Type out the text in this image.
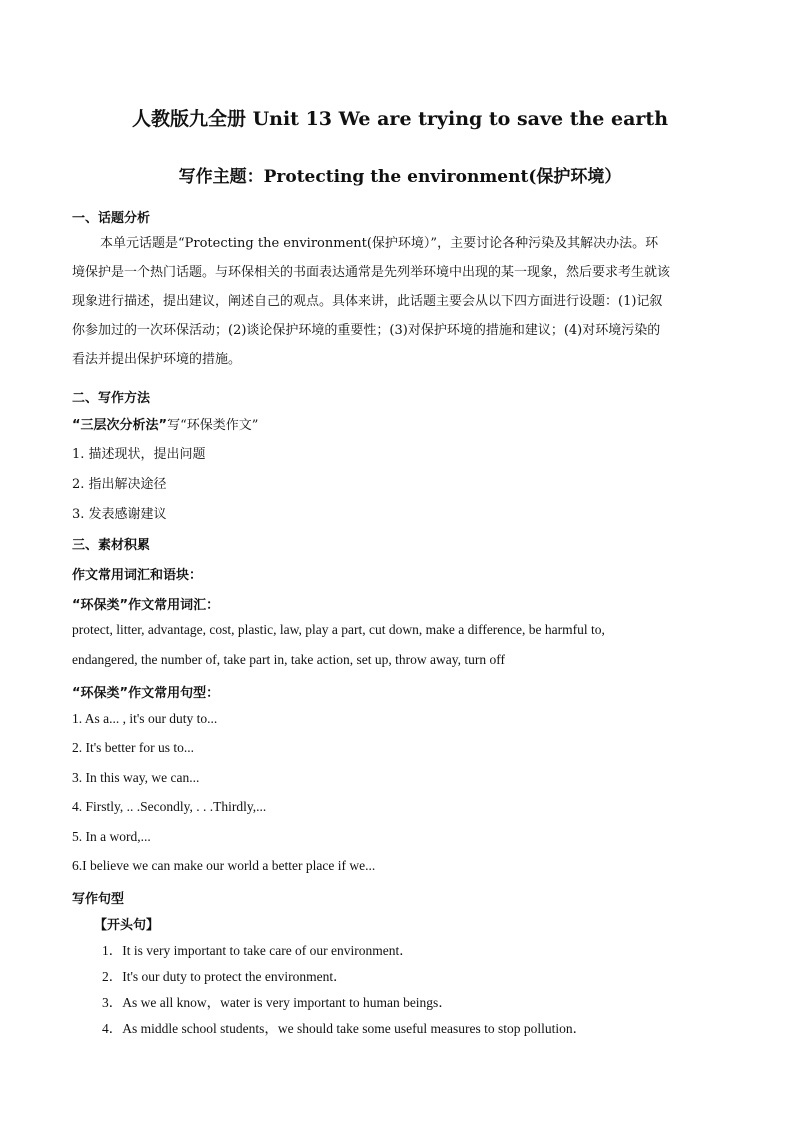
人教版九全册 Unit 13 We are trying to save the earth
写作主题：Protecting the environment(保护环境）
一、话题分析
本单元话题是“Protecting the environment(保护环境）”，主要讨论各种污染及其解决办法。环
境保护是一个热门话题。与环保相关的书面表达通常是先列举环境中出现的某一现象，然后要求考生就该
现象进行描述，提出建议，阐述自己的观点。具体来讲，此话题主要会从以下四方面进行设题：(1)记叙
你参加过的一次环保活动；(2)谈论保护环境的重要性；(3)对保护环境的措施和建议；(4)对环境污染的
看法并提出保护环境的措施。
二、写作方法
“三层次分析法”写“环保类作文”
1. 描述现状，提出问题
2. 指出解决途径
3. 发表感谢建议
三、素材积累
作文常用词汇和语块：
“环保类”作文常用词汇：
protect, litter, advantage, cost, plastic, law, play a part, cut down, make a difference, be harmful to,
endangered, the number of, take part in, take action, set up, throw away, turn off
“环保类”作文常用句型：
1. As a... , it's our duty to...
2. It's better for us to...
3. In this way, we can...
4. Firstly, .. .Secondly, . . .Thirdly,...
5. In a word,...
6.I believe we can make our world a better place if we...
写作句型
【开头句】
1．It is very important to take care of our environment．
2．It's our duty to protect the environment．
3．As we all know，water is very important to human beings．
4．As middle school students，we should take some useful measures to stop pollution．
